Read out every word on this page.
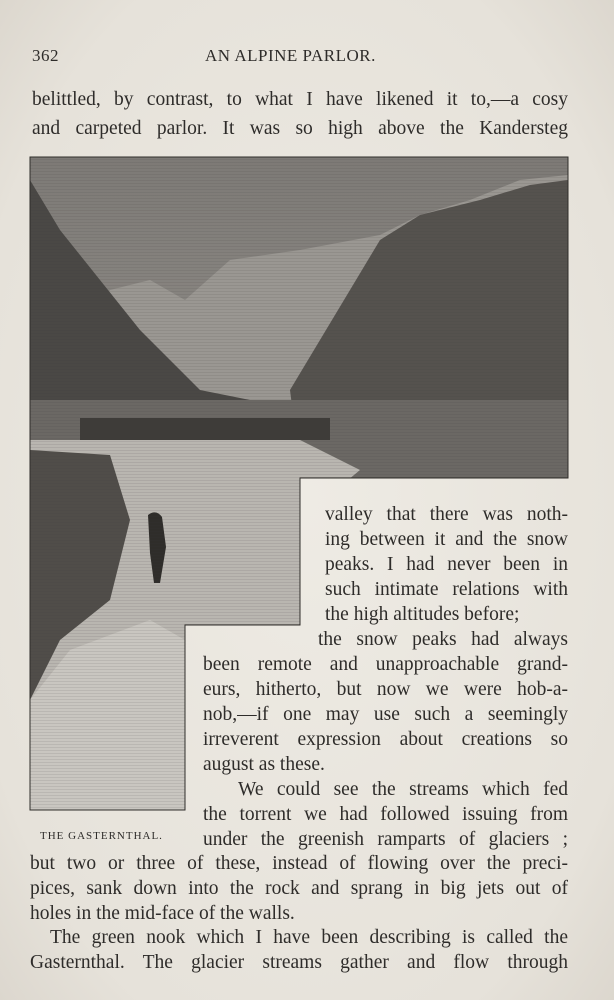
362	AN ALPINE PARLOR.
belittled, by contrast, to what I have likened it to,—a cosy
and carpeted parlor. It was so high above the Kandersteg
valley that there was noth-
ing between it and the snow
peaks. I had never been in
such intimate relations with
the high altitudes before;
the snow peaks had always
been remote and unapproachable grand-
eurs, hitherto, but now we were hob-a-
nob,—if one may use such a seemingly
irreverent expression about creations so
august as these.
We could see the streams which fed
the torrent we had followed issuing from
under the greenish ramparts of glaciers ;
THE GASTERNTHAL.
but two or three of these, instead of flowing over the preci-
pices, sank down into the rock and sprang in big jets out of
holes in the mid-face of the walls.
The green nook which I have been describing is called the
Gasternthal. The glacier streams gather and flow through
